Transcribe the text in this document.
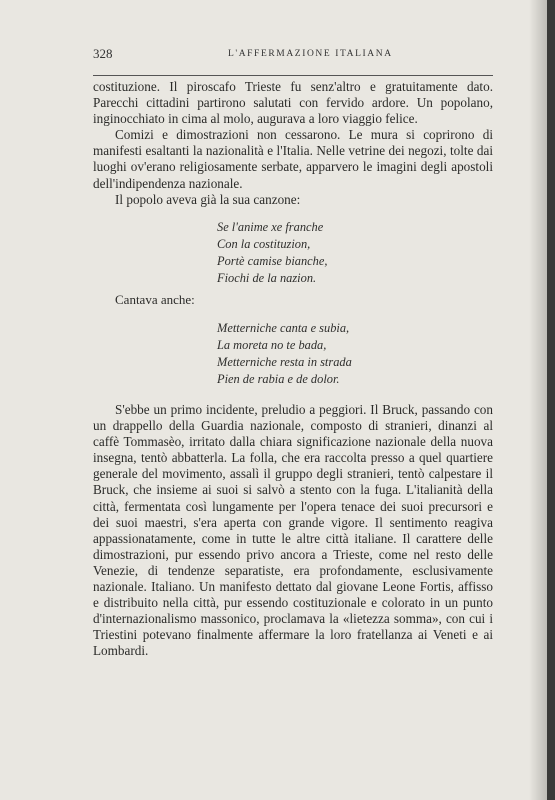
328	L'AFFERMAZIONE ITALIANA

costituzione. Il piroscafo Trieste fu senz'altro e gratuitamente dato. Parecchi cittadini partirono salutati con fervido ardore. Un popolano, inginocchiato in cima al molo, augurava a loro viaggio felice.

Comizi e dimostrazioni non cessarono. Le mura si coprirono di manifesti esaltanti la nazionalità e l'Italia. Nelle vetrine dei negozi, tolte dai luoghi ov'erano religiosamente serbate, apparvero le imagini degli apostoli dell'indipendenza nazionale.

Il popolo aveva già la sua canzone:

Se l'anime xe franche
Con la costituzion,
Portè camise bianche,
Fiochi de la nazion.
Cantava anche:
Metterniche canta e subia,
La moreta no te bada,
Metterniche resta in strada
Pien de rabia e de dolor.

S'ebbe un primo incidente, preludio a peggiori. Il Bruck, passando con un drappello della Guardia nazionale, composto di stranieri, dinanzi al caffè Tommasèo, irritato dalla chiara significazione nazionale della nuova insegna, tentò abbatterla. La folla, che era raccolta presso a quel quartiere generale del movimento, assalì il gruppo degli stranieri, tentò calpestare il Bruck, che insieme ai suoi si salvò a stento con la fuga. L'italianità della città, fermentata così lungamente per l'opera tenace dei suoi precursori e dei suoi maestri, s'era aperta con grande vigore. Il sentimento reagiva appassionatamente, come in tutte le altre città italiane. Il carattere delle dimostrazioni, pur essendo privo ancora a Trieste, come nel resto delle Venezie, di tendenze separatiste, era profondamente, esclusivamente nazionale. Italiano. Un manifesto dettato dal giovane Leone Fortis, affisso e distribuito nella città, pur essendo costituzionale e colorato in un punto d'internazionalismo massonico, proclamava la «lietezza somma», con cui i Triestini potevano finalmente affermare la loro fratellanza ai Veneti e ai Lombardi.
